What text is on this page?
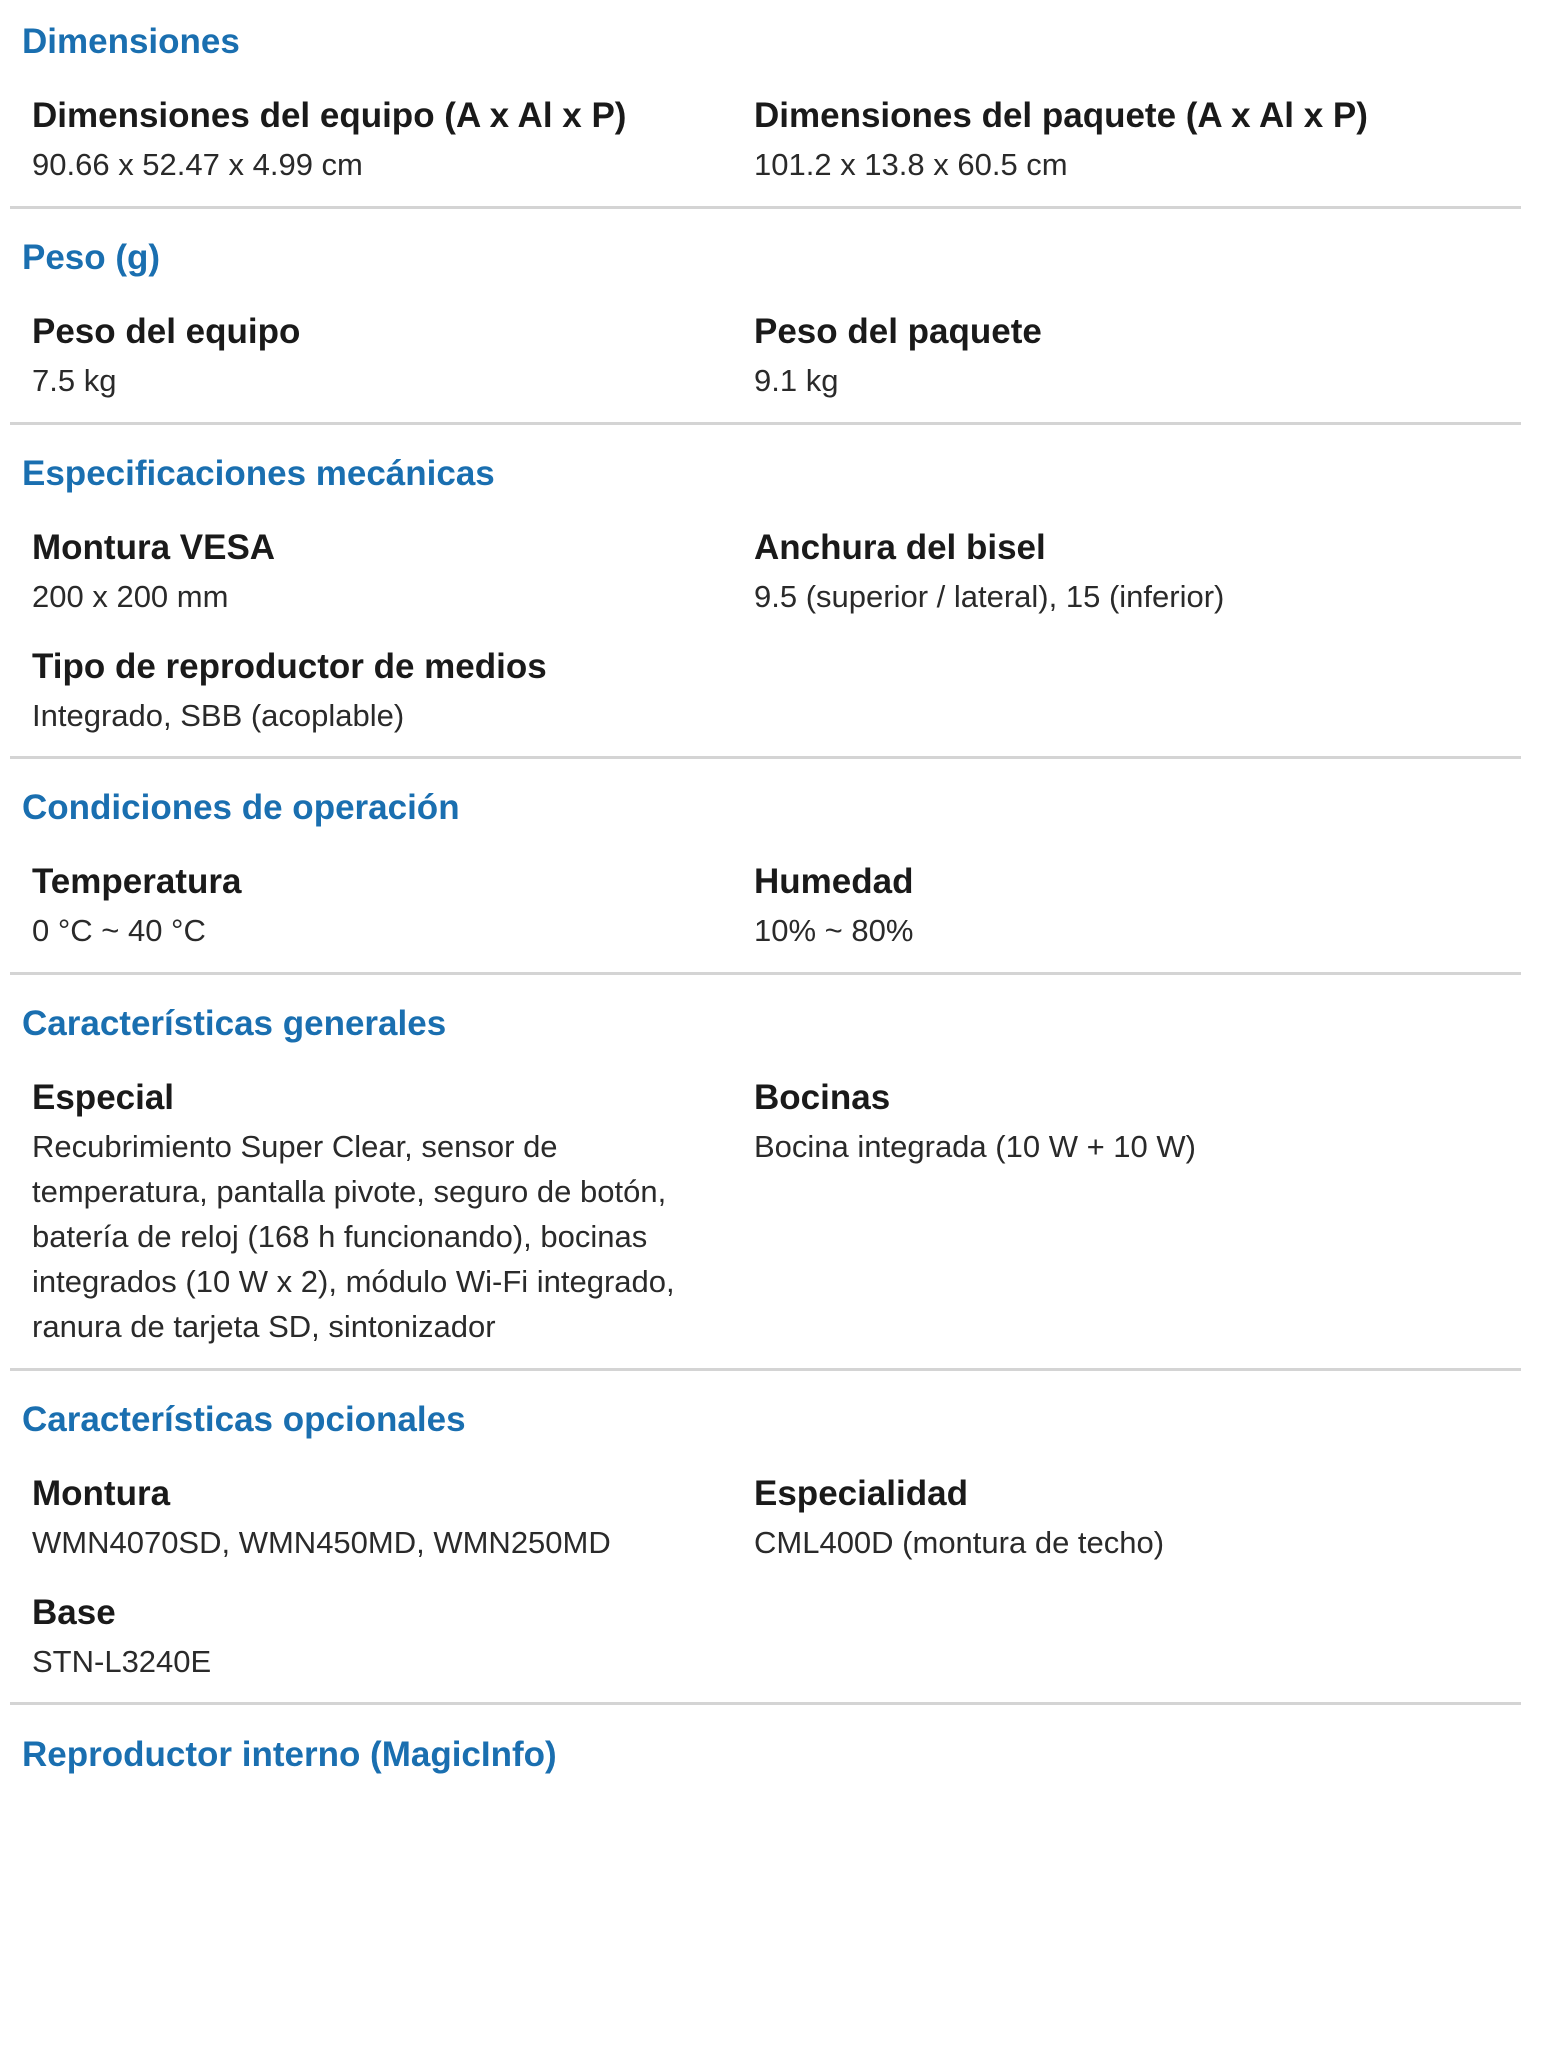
Dimensiones
Dimensiones del equipo (A x Al x P)
90.66 x 52.47 x 4.99 cm
Dimensiones del paquete (A x Al x P)
101.2 x 13.8 x 60.5 cm
Peso (g)
Peso del equipo
7.5 kg
Peso del paquete
9.1 kg
Especificaciones mecánicas
Montura VESA
200 x 200 mm
Anchura del bisel
9.5 (superior / lateral), 15 (inferior)
Tipo de reproductor de medios
Integrado, SBB (acoplable)
Condiciones de operación
Temperatura
0 °C ~ 40 °C
Humedad
10% ~ 80%
Características generales
Especial
Recubrimiento Super Clear, sensor de temperatura, pantalla pivote, seguro de botón, batería de reloj (168 h funcionando), bocinas integrados (10 W x 2), módulo Wi-Fi integrado, ranura de tarjeta SD, sintonizador
Bocinas
Bocina integrada (10 W + 10 W)
Características opcionales
Montura
WMN4070SD, WMN450MD, WMN250MD
Especialidad
CML400D (montura de techo)
Base
STN-L3240E
Reproductor interno (MagicInfo)
